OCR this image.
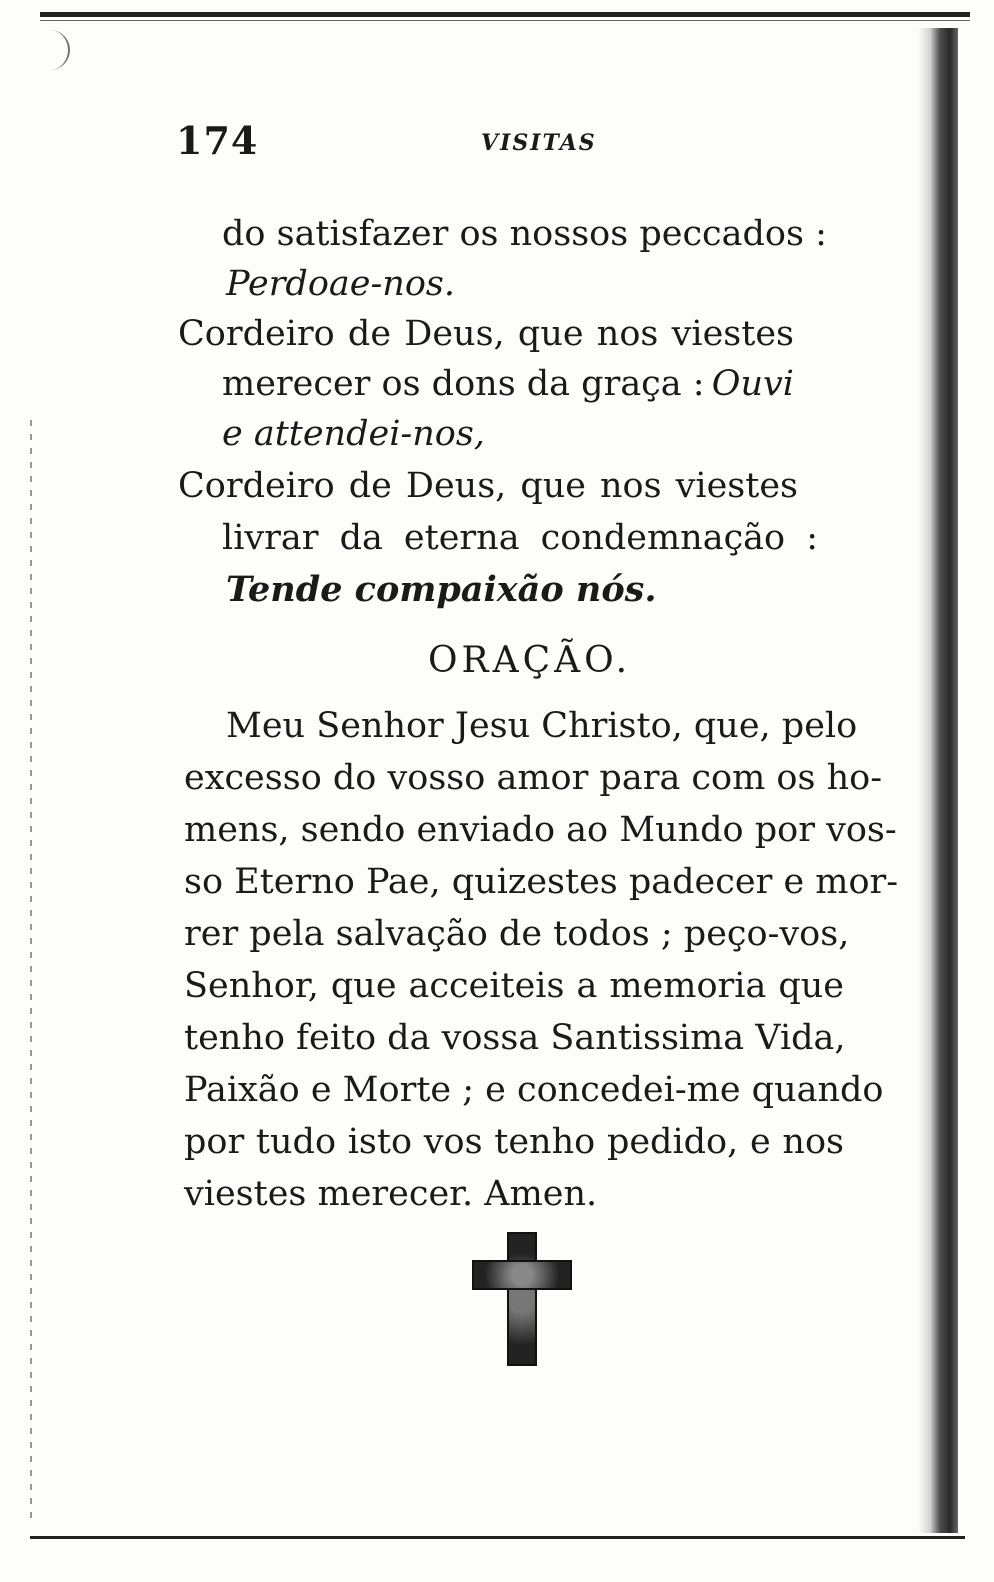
174	VISITAS
do satisfazer os nossos peccados :
Perdoae-nos.
Cordeiro de Deus, que nos viestes
merecer os dons da graça : Ouvi
e attendei-nos,
Cordeiro de Deus, que nos viestes
livrar da eterna condemnação :
Tende compaixão nós.
ORAÇÃO.
Meu Senhor Jesu Christo, que, pelo
excesso do vosso amor para com os ho-
mens, sendo enviado ao Mundo por vos-
so Eterno Pae, quizestes padecer e mor-
rer pela salvação de todos ; peço-vos,
Senhor, que acceiteis a memoria que
tenho feito da vossa Santissima Vida,
Paixão e Morte ; e concedei-me quando
por tudo isto vos tenho pedido, e nos
viestes merecer. Amen.
